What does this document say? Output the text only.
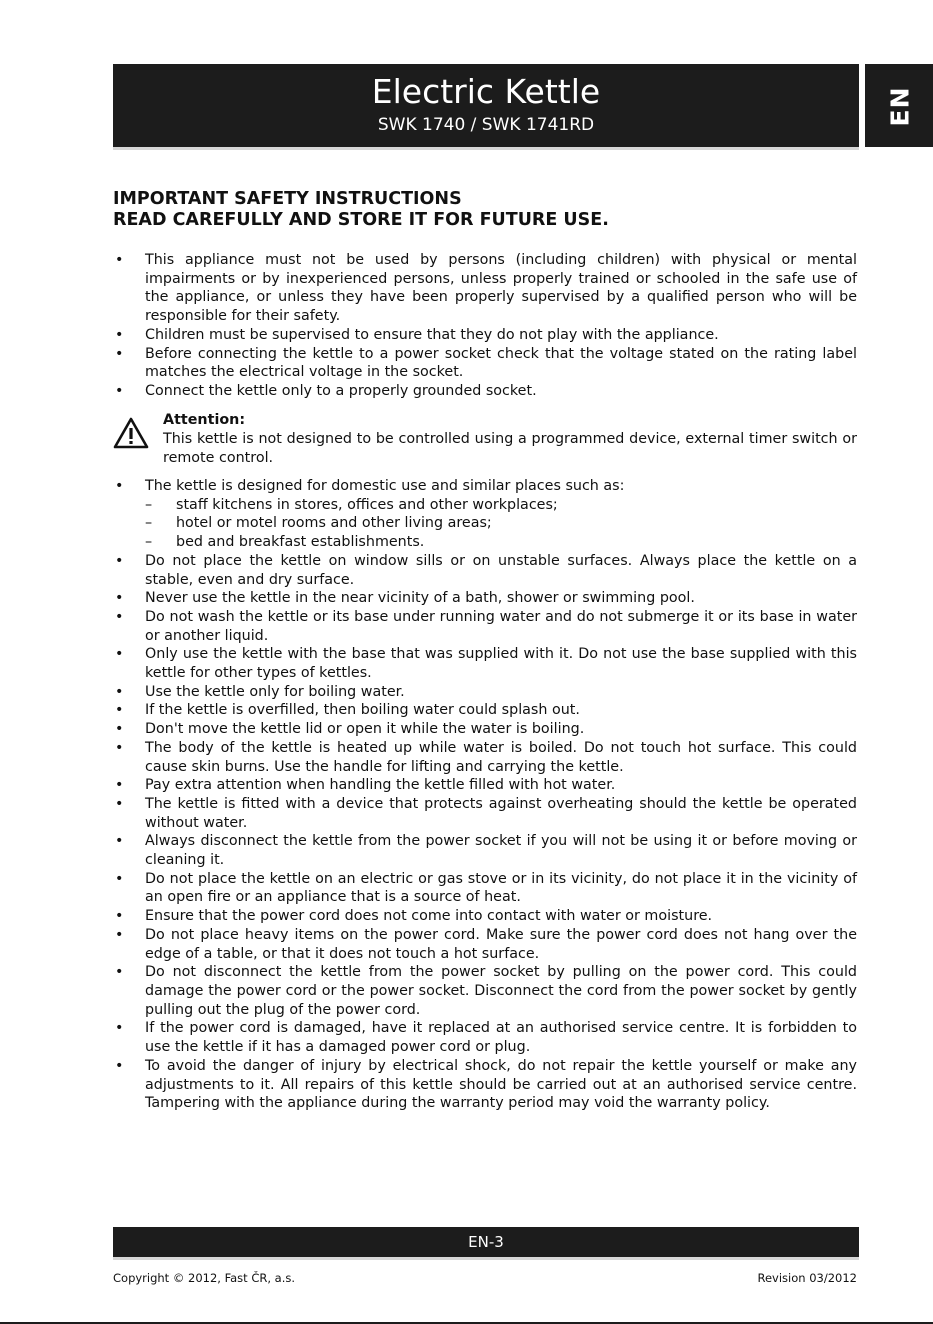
Electric Kettle
SWK 1740 / SWK 1741RD	EN
IMPORTANT SAFETY INSTRUCTIONS
READ CAREFULLY AND STORE IT FOR FUTURE USE.
• This appliance must not be used by persons (including children) with physical or mental impairments or by inexperienced persons, unless properly trained or schooled in the safe use of the appliance, or unless they have been properly supervised by a qualified person who will be responsible for their safety.
• Children must be supervised to ensure that they do not play with the appliance.
• Before connecting the kettle to a power socket check that the voltage stated on the rating label matches the electrical voltage in the socket.
• Connect the kettle only to a properly grounded socket.
Attention:
This kettle is not designed to be controlled using a programmed device, external timer switch or remote control.
• The kettle is designed for domestic use and similar places such as:
– staff kitchens in stores, offices and other workplaces;
– hotel or motel rooms and other living areas;
– bed and breakfast establishments.
• Do not place the kettle on window sills or on unstable surfaces. Always place the kettle on a stable, even and dry surface.
• Never use the kettle in the near vicinity of a bath, shower or swimming pool.
• Do not wash the kettle or its base under running water and do not submerge it or its base in water or another liquid.
• Only use the kettle with the base that was supplied with it. Do not use the base supplied with this kettle for other types of kettles.
• Use the kettle only for boiling water.
• If the kettle is overfilled, then boiling water could splash out.
• Don't move the kettle lid or open it while the water is boiling.
• The body of the kettle is heated up while water is boiled. Do not touch hot surface. This could cause skin burns. Use the handle for lifting and carrying the kettle.
• Pay extra attention when handling the kettle filled with hot water.
• The kettle is fitted with a device that protects against overheating should the kettle be operated without water.
• Always disconnect the kettle from the power socket if you will not be using it or before moving or cleaning it.
• Do not place the kettle on an electric or gas stove or in its vicinity, do not place it in the vicinity of an open fire or an appliance that is a source of heat.
• Ensure that the power cord does not come into contact with water or moisture.
• Do not place heavy items on the power cord. Make sure the power cord does not hang over the edge of a table, or that it does not touch a hot surface.
• Do not disconnect the kettle from the power socket by pulling on the power cord. This could damage the power cord or the power socket. Disconnect the cord from the power socket by gently pulling out the plug of the power cord.
• If the power cord is damaged, have it replaced at an authorised service centre. It is forbidden to use the kettle if it has a damaged power cord or plug.
• To avoid the danger of injury by electrical shock, do not repair the kettle yourself or make any adjustments to it. All repairs of this kettle should be carried out at an authorised service centre. Tampering with the appliance during the warranty period may void the warranty policy.
EN-3
Copyright © 2012, Fast ČR, a.s.	Revision 03/2012
